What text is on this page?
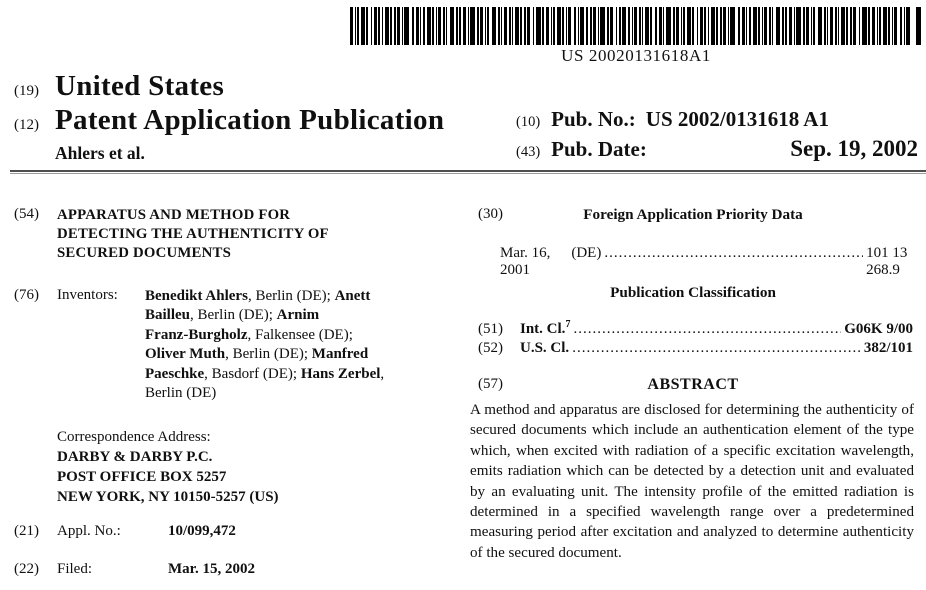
US 20020131618A1
(19) United States
(12) Patent Application Publication
Ahlers et al.
(10) Pub. No.: US 2002/0131618 A1
(43) Pub. Date:	Sep. 19, 2002
(54)	APPARATUS AND METHOD FOR
DETECTING THE AUTHENTICITY OF
SECURED DOCUMENTS
(76)	Inventors:	Benedikt Ahlers, Berlin (DE); Anett
Bailleu, Berlin (DE); Arnim
Franz-Burgholz, Falkensee (DE);
Oliver Muth, Berlin (DE); Manfred
Paeschke, Basdorf (DE); Hans Zerbel,
Berlin (DE)
Correspondence Address:
DARBY & DARBY P.C.
POST OFFICE BOX 5257
NEW YORK, NY 10150-5257 (US)
(21)	Appl. No.:	10/099,472
(22)	Filed:	Mar. 15, 2002
(30)	Foreign Application Priority Data
Mar. 16, 2001
(DE) .....	101 13 268.9
Publication Classification
(51)	Int. Cl.$^7$ .....	G06K 9/00
(52)	U.S. Cl. .....	382/101
(57)	ABSTRACT
A method and apparatus are disclosed for determining the authenticity of secured documents which include an authentication element of the type which, when excited with radiation of a specific excitation wavelength, emits radiation which can be detected by a detection unit and evaluated by an evaluating unit. The intensity profile of the emitted radiation is determined in a specified wavelength range over a predetermined measuring period after excitation and analyzed to determine authenticity of the secured document.
